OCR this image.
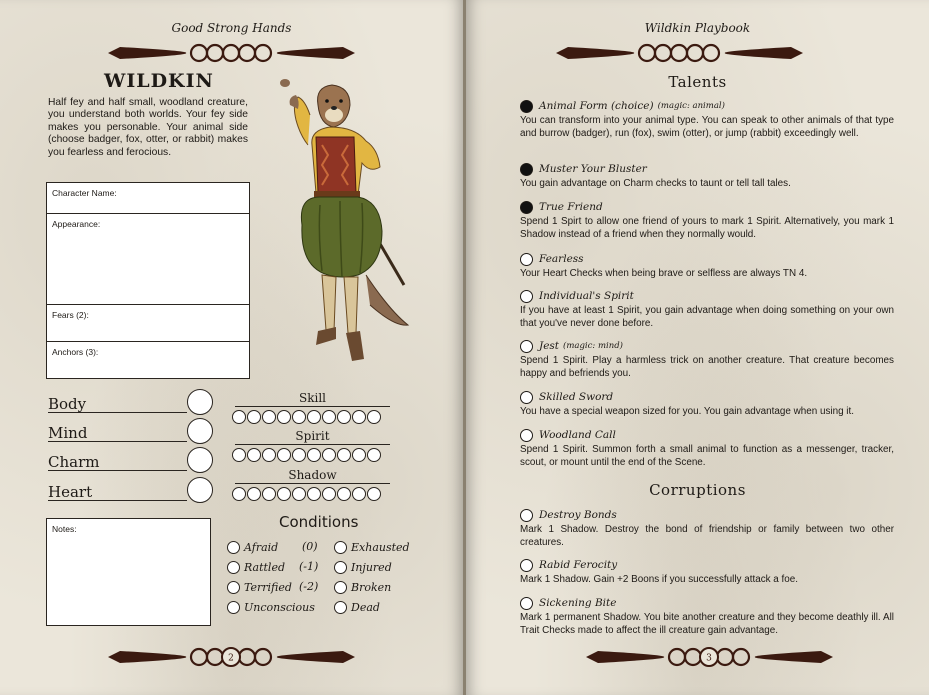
Good Strong Hands
WILDKIN
Half fey and half small, woodland creature, you understand both worlds. Your fey side makes you personable. Your animal side (choose badger, fox, otter, or rabbit) makes you fearless and ferocious.
Character Name:
Appearance:
Fears (2):
Anchors (3):
Body
Mind
Charm
Heart
Skill
Spirit
Shadow
Notes:	Conditions
Afraid
Rattled
Terrified
Unconscious
(0)
(-1)
(-2)
Exhausted
Injured
Broken
Dead
2
Wildkin Playbook
Talents
Animal Form (choice) (magic: animal)
You can transform into your animal type. You can speak to other animals of that type and burrow (badger), run (fox), swim (otter), or jump (rabbit) exceedingly well.
Muster Your Bluster
You gain advantage on Charm checks to taunt or tell tall tales.
True Friend
Spend 1 Spirt to allow one friend of yours to mark 1 Spirit. Alternatively, you mark 1 Shadow instead of a friend when they normally would.
Fearless
Your Heart Checks when being brave or selfless are always TN 4.
Individual's Spirit
If you have at least 1 Spirit, you gain advantage when doing something on your own that you've never done before.
Jest (magic: mind)
Spend 1 Spirit. Play a harmless trick on another creature. That creature becomes happy and befriends you.
Skilled Sword
You have a special weapon sized for you. You gain advantage when using it.
Woodland Call
Spend 1 Spirit. Summon forth a small animal to function as a messenger, tracker, scout, or mount until the end of the Scene.
Corruptions
Destroy Bonds
Mark 1 Shadow. Destroy the bond of friendship or family between two other creatures.
Rabid Ferocity
Mark 1 Shadow. Gain +2 Boons if you successfully attack a foe.
Sickening Bite
Mark 1 permanent Shadow. You bite another creature and they become deathly ill. All Trait Checks made to affect the ill creature gain advantage.
3
